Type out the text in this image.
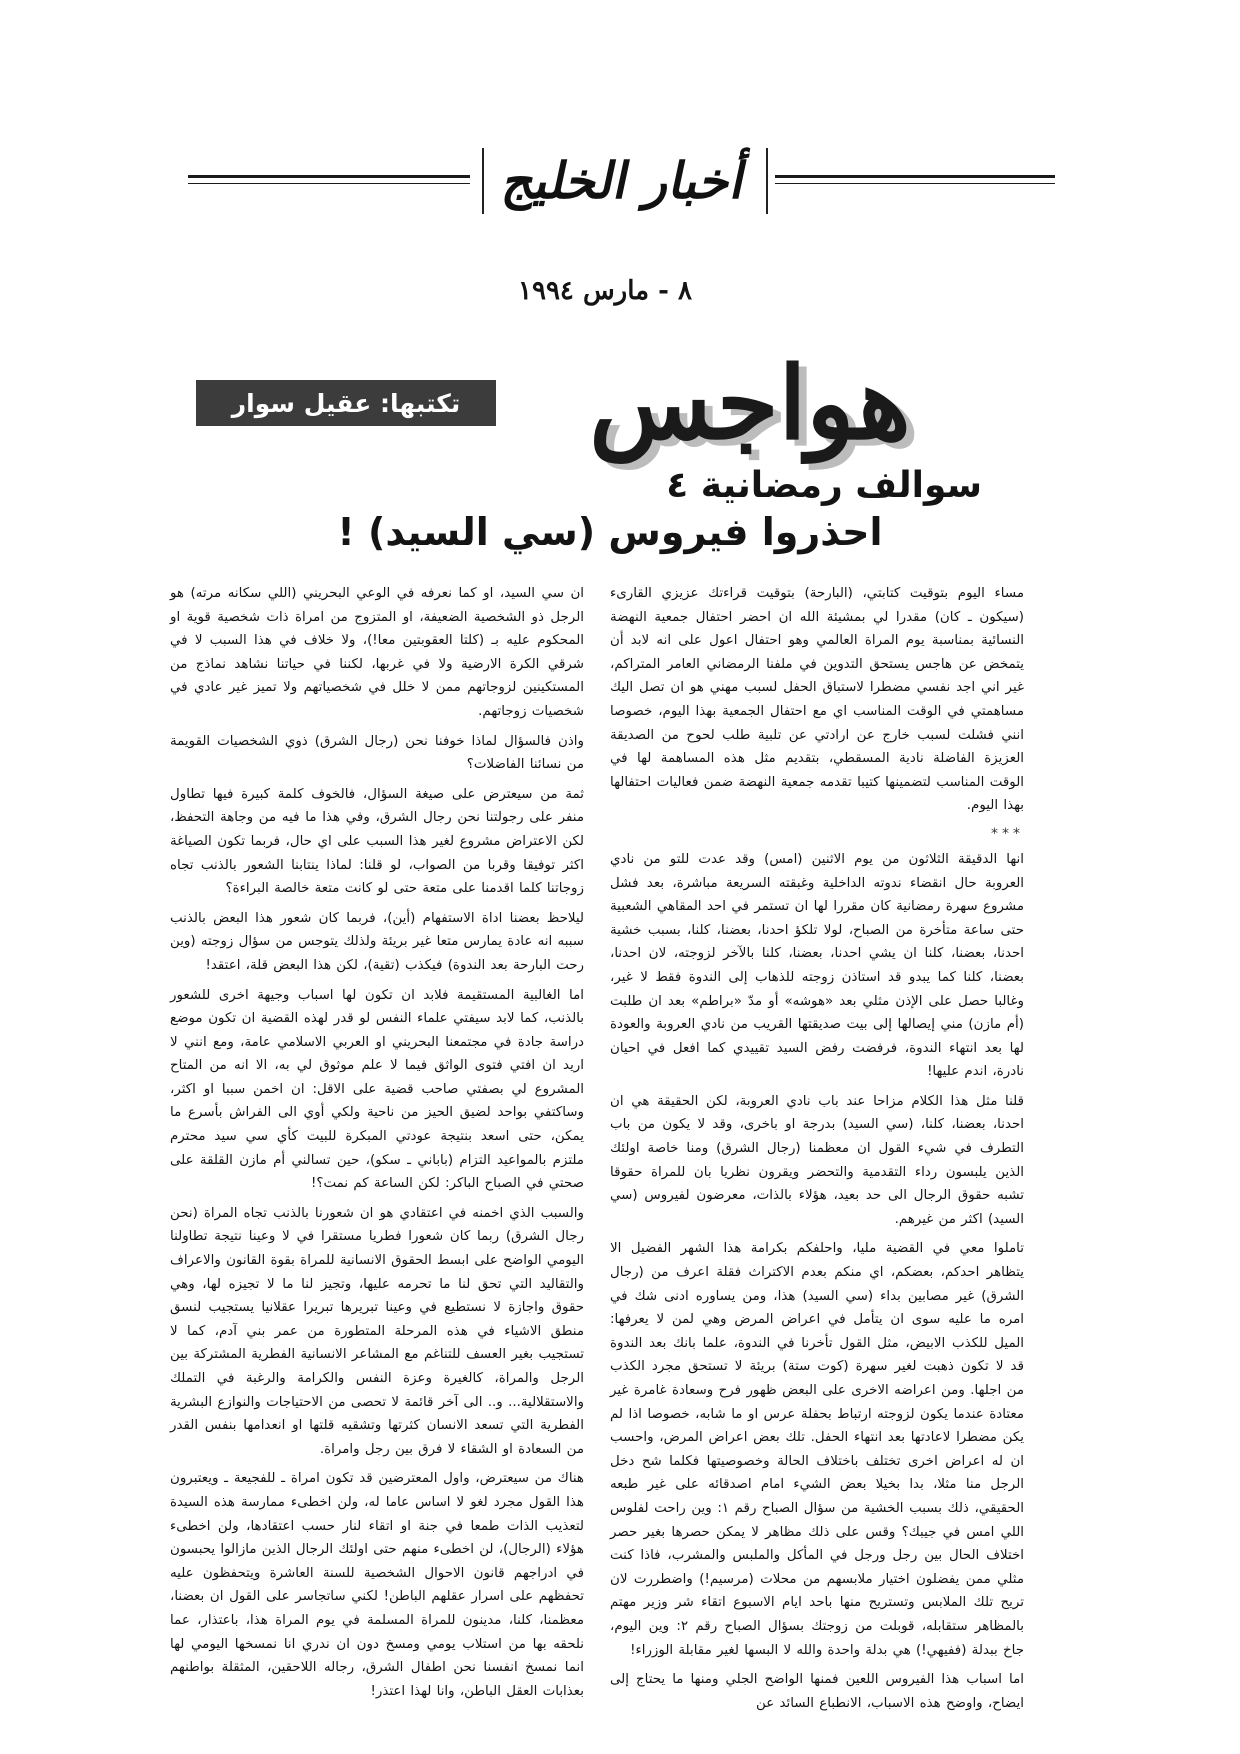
أخبار الخليج
٨ - مارس ١٩٩٤
تكتبها: عقيل سوار	هواجس
سوالف رمضانية ٤
احذروا فيروس (سي السيد) !

مساء اليوم بتوقيت كتابتي، (البارحة) بتوقيت قراءتك عزيزي القارىء (سيكون ـ كان) مقدرا لي بمشيئة الله ان احضر احتفال جمعية النهضة النسائية بمناسبة يوم المراة العالمي وهو احتفال اعول على انه لابد أن يتمخض عن هاجس يستحق التدوين في ملفنا الرمضاني العامر المتراكم، غير اني اجد نفسي مضطرا لاستباق الحفل لسبب مهني هو ان تصل اليك مساهمتي في الوقت المناسب اي مع احتفال الجمعية بهذا اليوم، خصوصا انني فشلت لسبب خارج عن ارادتي عن تلبية طلب لحوح من الصديقة العزيزة الفاضلة نادية المسقطي، بتقديم مثل هذه المساهمة لها في الوقت المناسب لتضمينها كتيبا تقدمه جمعية النهضة ضمن فعاليات احتفالها بهذا اليوم.

***

انها الدقيقة الثلاثون من يوم الاثنين (امس) وقد عدت للتو من نادي العروبة حال انقضاء ندوته الداخلية وغبقته السريعة مباشرة، بعد فشل مشروع سهرة رمضانية كان مقررا لها ان تستمر في احد المقاهي الشعبية حتى ساعة متأخرة من الصباح، لولا تلكؤ احدنا، بعضنا، كلنا، بسبب خشية احدنا، بعضنا، كلنا ان يشي احدنا، بعضنا، كلنا بالآخر لزوجته، لان احدنا، بعضنا، كلنا كما يبدو قد استاذن زوجته للذهاب إلى الندوة فقط لا غير، وغالبا حصل على الإذن مثلي بعد «هوشه» أو مدّ «براطم» بعد ان طلبت (أم مازن) مني إيصالها إلى بيت صديقتها القريب من نادي العروبة والعودة لها بعد انتهاء الندوة، فرفضت رفض السيد تقييدي كما افعل في احيان نادرة، اندم عليها!

قلنا مثل هذا الكلام مزاحا عند باب نادي العروبة، لكن الحقيقة هي ان احدنا، بعضنا، كلنا، (سي السيد) بدرجة او باخرى، وقد لا يكون من باب التطرف في شيء القول ان معظمنا (رجال الشرق) ومنا خاصة اولئك الذين يلبسون رداء التقدمية والتحضر ويقرون نظريا بان للمراة حقوقا تشبه حقوق الرجال الى حد بعيد، هؤلاء بالذات، معرضون لفيروس (سي السيد) اكثر من غيرهم.

تاملوا معي في القضية مليا، واحلفكم بكرامة هذا الشهر الفضيل الا يتظاهر احدكم، بعضكم، اي منكم بعدم الاكتراث فقلة اعرف من (رجال الشرق) غير مصابين بداء (سي السيد) هذا، ومن يساوره ادنى شك في امره ما عليه سوى ان يتأمل في اعراض المرض وهي لمن لا يعرفها: الميل للكذب الابيض، مثل القول تأخرنا في الندوة، علما بانك بعد الندوة قد لا تكون ذهبت لغير سهرة (كوت ستة) بريئة لا تستحق مجرد الكذب من اجلها. ومن اعراضه الاخرى على البعض ظهور فرح وسعادة غامرة غير معتادة عندما يكون لزوجته ارتباط بحفلة عرس او ما شابه، خصوصا اذا لم يكن مضطرا لاعادتها بعد انتهاء الحفل. تلك بعض اعراض المرض، واحسب ان له اعراض اخرى تختلف باختلاف الحالة وخصوصيتها فكلما شح دخل الرجل منا مثلا، بدا بخيلا بعض الشيء امام اصدقائه على غير طبعه الحقيقي، ذلك بسبب الخشية من سؤال الصباح رقم ١: وين راحت لفلوس اللي امس في جيبك؟ وقس على ذلك مظاهر لا يمكن حصرها بغير حصر اختلاف الحال بين رجل ورجل في المأكل والملبس والمشرب، فاذا كنت مثلي ممن يفضلون اختيار ملابسهم من محلات (مرسيم!) واضطررت لان تريح تلك الملابس وتستريح منها باحد ايام الاسبوع اتقاء شر وزير مهتم بالمظاهر ستقابله، قوبلت من زوجتك بسؤال الصباح رقم ٢: وين اليوم، جاخ ببدلة (ففيهي!) هي بدلة واحدة والله لا البسها لغير مقابلة الوزراء!

اما اسباب هذا الفيروس اللعين فمنها الواضح الجلي ومنها ما يحتاج إلى ايضاح، واوضح هذه الاسباب، الانطباع السائد عن

ان سي السيد، او كما نعرفه في الوعي البحريني (اللي سكانه مرته) هو الرجل ذو الشخصية الضعيفة، او المتزوج من امراة ذات شخصية قوية او المحكوم عليه بـ (كلتا العقوبتين معا!)، ولا خلاف في هذا السبب لا في شرقي الكرة الارضية ولا في غربها، لكننا في حياتنا نشاهد نماذج من المستكينين لزوجاتهم ممن لا خلل في شخصياتهم ولا تميز غير عادي في شخصيات زوجاتهم.

واذن فالسؤال لماذا خوفنا نحن (رجال الشرق) ذوي الشخصيات القويمة من نسائنا الفاضلات؟

ثمة من سيعترض على صيغة السؤال، فالخوف كلمة كبيرة فيها تطاول منفر على رجولتنا نحن رجال الشرق، وفي هذا ما فيه من وجاهة التحفظ، لكن الاعتراض مشروع لغير هذا السبب على اي حال، فربما تكون الصياغة اكثر توفيقا وقربا من الصواب، لو قلنا: لماذا ينتابنا الشعور بالذنب تجاه زوجاتنا كلما اقدمنا على متعة حتى لو كانت متعة خالصة البراءة؟

ليلاحظ بعضنا اداة الاستفهام (أين)، فربما كان شعور هذا البعض بالذنب سببه انه عادة يمارس متعا غير بريئة ولذلك يتوجس من سؤال زوجته (وين رحت البارحة بعد الندوة) فيكذب (تقية)، لكن هذا البعض قلة، اعتقد!

اما الغالبية المستقيمة فلابد ان تكون لها اسباب وجيهة اخرى للشعور بالذنب، كما لابد سيفتي علماء النفس لو قدر لهذه القضية ان تكون موضع دراسة جادة في مجتمعنا البحريني او العربي الاسلامي عامة، ومع انني لا اريد ان افتي فتوى الواثق فيما لا علم موثوق لي به، الا انه من المتاح المشروع لي بصفتي صاحب قضية على الاقل: ان اخمن سببا او اكثر، وساكتفي بواحد لضيق الحيز من ناحية ولكي أوي الى الفراش بأسرع ما يمكن، حتى اسعد بنتيجة عودتي المبكرة للبيت كأي سي سيد محترم ملتزم بالمواعيد التزام (باباني ـ سكو)، حين تسالني أم مازن القلقة على صحتي في الصباح الباكر: لكن الساعة كم نمت؟!

والسبب الذي اخمنه في اعتقادي هو ان شعورنا بالذنب تجاه المراة (نحن رجال الشرق) ربما كان شعورا فطريا مستقرا في لا وعينا نتيجة تطاولنا اليومي الواضح على ابسط الحقوق الانسانية للمراة بقوة القانون والاعراف والتقاليد التي تحق لنا ما تحرمه عليها، وتجيز لنا ما لا تجيزه لها، وهي حقوق واجازة لا نستطيع في وعينا تبريرها تبريرا عقلانيا يستجيب لنسق منطق الاشياء في هذه المرحلة المتطورة من عمر بني آدم، كما لا تستجيب بغير العسف للتناغم مع المشاعر الانسانية الفطرية المشتركة بين الرجل والمراة، كالغيرة وعزة النفس والكرامة والرغبة في التملك والاستقلالية... و.. الى آخر قائمة لا تحصى من الاحتياجات والنوازع البشرية الفطرية التي تسعد الانسان كثرتها وتشقيه قلتها او انعدامها بنفس القدر من السعادة او الشقاء لا فرق بين رجل وامراة.

هناك من سيعترض، واول المعترضين قد تكون امراة ـ للفجيعة ـ ويعتبرون هذا القول مجرد لغو لا اساس عاما له، ولن اخطىء ممارسة هذه السيدة لتعذيب الذات طمعا في جنة او اتقاء لنار حسب اعتقادها، ولن اخطىء هؤلاء (الرجال)، لن اخطىء منهم حتى اولئك الرجال الذين مازالوا يحبسون في ادراجهم قانون الاحوال الشخصية للسنة العاشرة ويتحفظون عليه تحفظهم على اسرار عقلهم الباطن! لكني ساتجاسر على القول ان بعضنا، معظمنا، كلنا، مدينون للمراة المسلمة في يوم المراة هذا، باعتذار، عما نلحقه بها من استلاب يومي ومسخ دون ان ندري انا نمسخها اليومي لها انما نمسخ انفسنا نحن اطفال الشرق، رجاله اللاحقين، المثقلة بواطنهم بعذابات العقل الباطن، وانا لهذا اعتذر!
